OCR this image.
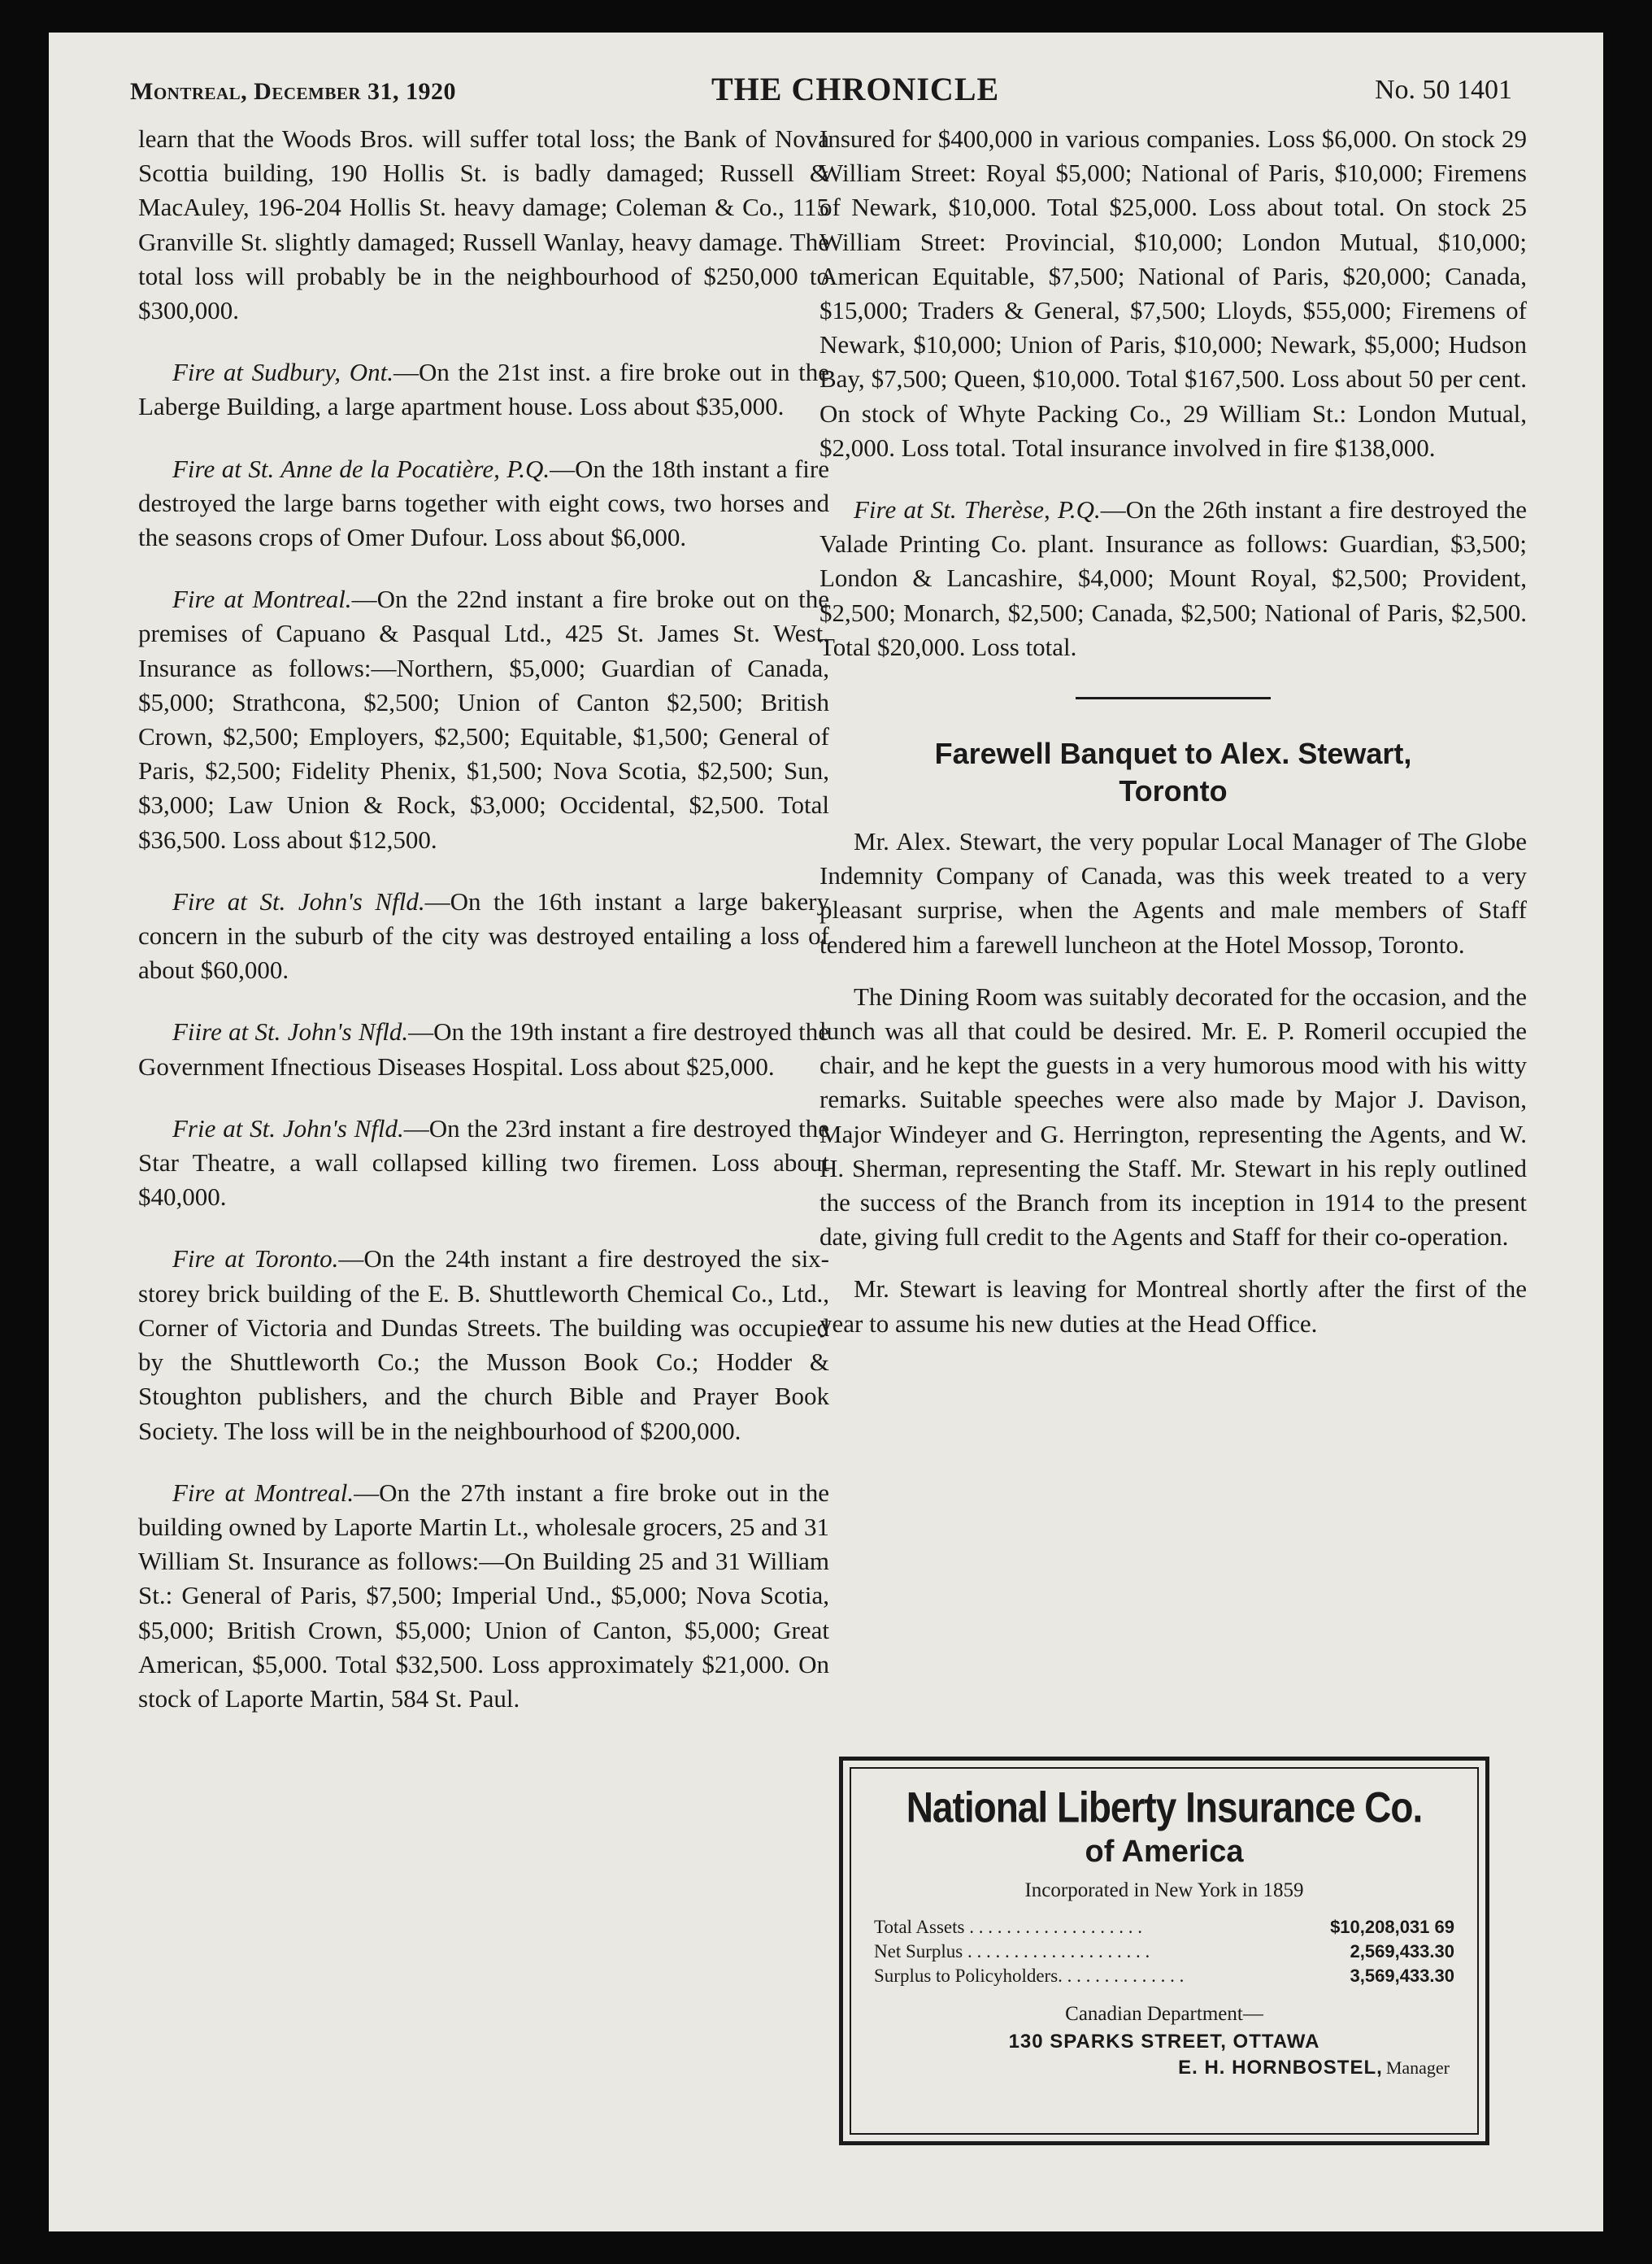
Montreal, December 31, 1920	THE CHRONICLE	No. 50 1401

learn that the Woods Bros. will suffer total loss; the Bank of Nova Scottia building, 190 Hollis St. is badly damaged; Russell & MacAuley, 196-204 Hollis St. heavy damage; Coleman & Co., 115 Granville St. slightly damaged; Russell Wanlay, heavy damage. The total loss will probably be in the neighbourhood of $250,000 to $300,000.

Fire at Sudbury, Ont.—On the 21st inst. a fire broke out in the Laberge Building, a large apartment house. Loss about $35,000.

Fire at St. Anne de la Pocatière, P.Q.—On the 18th instant a fire destroyed the large barns together with eight cows, two horses and the seasons crops of Omer Dufour. Loss about $6,000.

Fire at Montreal.—On the 22nd instant a fire broke out on the premises of Capuano & Pasqual Ltd., 425 St. James St. West. Insurance as follows:—Northern, $5,000; Guardian of Canada, $5,000; Strathcona, $2,500; Union of Canton $2,500; British Crown, $2,500; Employers, $2,500; Equitable, $1,500; General of Paris, $2,500; Fidelity Phenix, $1,500; Nova Scotia, $2,500; Sun, $3,000; Law Union & Rock, $3,000; Occidental, $2,500. Total $36,500. Loss about $12,500.

Fire at St. John's Nfld.—On the 16th instant a large bakery concern in the suburb of the city was destroyed entailing a loss of about $60,000.

Fiire at St. John's Nfld.—On the 19th instant a fire destroyed the Government Ifnectious Diseases Hospital. Loss about $25,000.

Frie at St. John's Nfld.—On the 23rd instant a fire destroyed the Star Theatre, a wall collapsed killing two firemen. Loss about $40,000.

Fire at Toronto.—On the 24th instant a fire destroyed the six-storey brick building of the E. B. Shuttleworth Chemical Co., Ltd., Corner of Victoria and Dundas Streets. The building was occupied by the Shuttleworth Co.; the Musson Book Co.; Hodder & Stoughton publishers, and the church Bible and Prayer Book Society. The loss will be in the neighbourhood of $200,000.

Fire at Montreal.—On the 27th instant a fire broke out in the building owned by Laporte Martin Lt., wholesale grocers, 25 and 31 William St. Insurance as follows:—On Building 25 and 31 William St.: General of Paris, $7,500; Imperial Und., $5,000; Nova Scotia, $5,000; British Crown, $5,000; Union of Canton, $5,000; Great American, $5,000. Total $32,500. Loss approximately $21,000. On stock of Laporte Martin, 584 St. Paul.

Insured for $400,000 in various companies. Loss $6,000. On stock 29 William Street: Royal $5,000; National of Paris, $10,000; Firemens of Newark, $10,000. Total $25,000. Loss about total. On stock 25 William Street: Provincial, $10,000; London Mutual, $10,000; American Equitable, $7,500; National of Paris, $20,000; Canada, $15,000; Traders & General, $7,500; Lloyds, $55,000; Firemens of Newark, $10,000; Union of Paris, $10,000; Newark, $5,000; Hudson Bay, $7,500; Queen, $10,000. Total $167,500. Loss about 50 per cent. On stock of Whyte Packing Co., 29 William St.: London Mutual, $2,000. Loss total. Total insurance involved in fire $138,000.

Fire at St. Therèse, P.Q.—On the 26th instant a fire destroyed the Valade Printing Co. plant. Insurance as follows: Guardian, $3,500; London & Lancashire, $4,000; Mount Royal, $2,500; Provident, $2,500; Monarch, $2,500; Canada, $2,500; National of Paris, $2,500. Total $20,000. Loss total.

Farewell Banquet to Alex. Stewart,
Toronto

Mr. Alex. Stewart, the very popular Local Manager of The Globe Indemnity Company of Canada, was this week treated to a very pleasant surprise, when the Agents and male members of Staff tendered him a farewell luncheon at the Hotel Mossop, Toronto.

The Dining Room was suitably decorated for the occasion, and the lunch was all that could be desired. Mr. E. P. Romeril occupied the chair, and he kept the guests in a very humorous mood with his witty remarks. Suitable speeches were also made by Major J. Davison, Major Windeyer and G. Herrington, representing the Agents, and W. H. Sherman, representing the Staff. Mr. Stewart in his reply outlined the success of the Branch from its inception in 1914 to the present date, giving full credit to the Agents and Staff for their co-operation.

Mr. Stewart is leaving for Montreal shortly after the first of the year to assume his new duties at the Head Office.

National Liberty Insurance Co.
of America
Incorporated in New York in 1859
Total Assets . . . . . . . . . . . . . . . . . . .	$10,208,031 69
Net Surplus . . . . . . . . . . . . . . . . . . . .	2,569,433.30
Surplus to Policyholders. . . . . . . . . . . . . .	3,569,433.30
Canadian Department—
130 SPARKS STREET, OTTAWA
E. H. HORNBOSTEL, Manager
